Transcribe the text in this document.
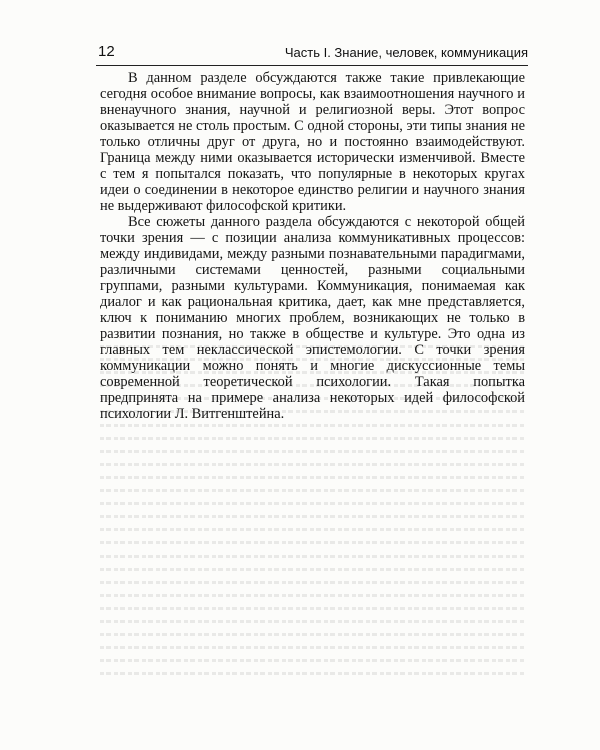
12	Часть I. Знание, человек, коммуникация

В данном разделе обсуждаются также такие привлекающие сегодня особое внимание вопросы, как взаимоотношения научного и вненаучного знания, научной и религиозной веры. Этот вопрос оказывается не столь простым. С одной стороны, эти типы знания не только отличны друг от друга, но и постоянно взаимодействуют. Граница между ними оказывается исторически изменчивой. Вместе с тем я попытался показать, что популярные в некоторых кругах идеи о соединении в некоторое единство религии и научного знания не выдерживают философской критики.

Все сюжеты данного раздела обсуждаются с некоторой общей точки зрения — с позиции анализа коммуникативных процессов: между индивидами, между разными познавательными парадигмами, различными системами ценностей, разными социальными группами, разными культурами. Коммуникация, понимаемая как диалог и как рациональная критика, дает, как мне представляется, ключ к пониманию многих проблем, возникающих не только в развитии познания, но также в обществе и культуре. Это одна из главных тем неклассической эпистемологии. С точки зрения коммуникации можно понять и многие дискуссионные темы современной теоретической психологии. Такая попытка предпринята на примере анализа некоторых идей философской психологии Л. Витгенштейна.
